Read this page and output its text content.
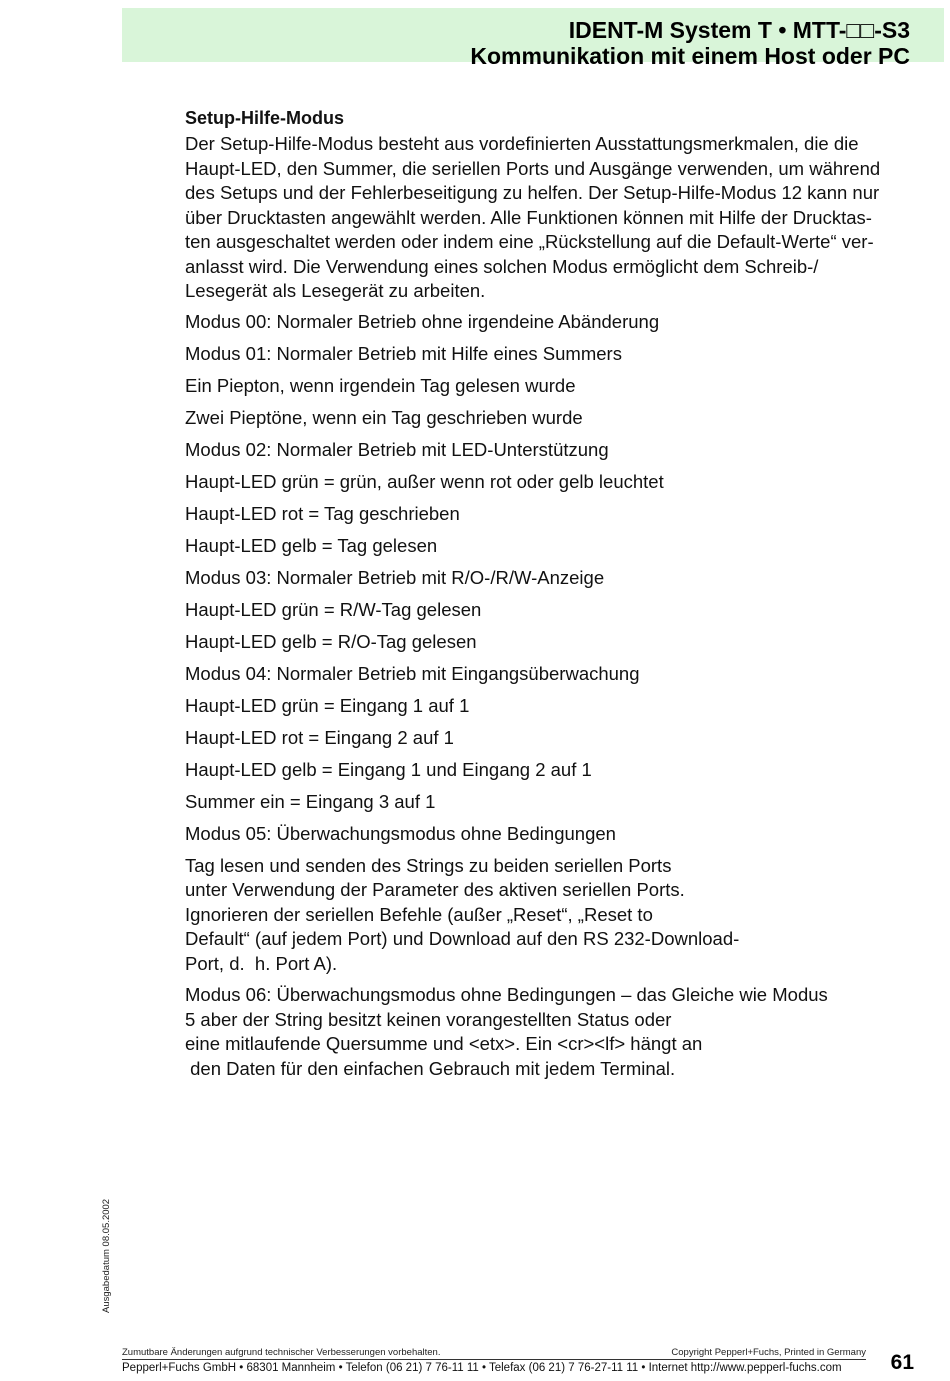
IDENT-M System T • MTT-□□-S3
Kommunikation mit einem Host oder PC
Setup-Hilfe-Modus

Der Setup-Hilfe-Modus besteht aus vordefinierten Ausstattungsmerkmalen, die die

Haupt-LED, den Summer, die seriellen Ports und Ausgänge verwenden, um während

des Setups und der Fehlerbeseitigung zu helfen. Der Setup-Hilfe-Modus 12 kann nur

über Drucktasten angewählt werden. Alle Funktionen können mit Hilfe der Drucktas-

ten ausgeschaltet werden oder indem eine „Rückstellung auf die Default-Werte“ ver-

anlasst wird. Die Verwendung eines solchen Modus ermöglicht dem Schreib-/

Lesegerät als Lesegerät zu arbeiten.

Modus 00: Normaler Betrieb ohne irgendeine Abänderung
Modus 01: Normaler Betrieb mit Hilfe eines Summers
Ein Piepton, wenn irgendein Tag gelesen wurde
Zwei Pieptöne, wenn ein Tag geschrieben wurde
Modus 02: Normaler Betrieb mit LED-Unterstützung
Haupt-LED grün = grün, außer wenn rot oder gelb leuchtet
Haupt-LED rot = Tag geschrieben
Haupt-LED gelb = Tag gelesen
Modus 03: Normaler Betrieb mit R/O-/R/W-Anzeige
Haupt-LED grün = R/W-Tag gelesen
Haupt-LED gelb = R/O-Tag gelesen
Modus 04: Normaler Betrieb mit Eingangsüberwachung
Haupt-LED grün = Eingang 1 auf 1
Haupt-LED rot = Eingang 2 auf 1
Haupt-LED gelb = Eingang 1 und Eingang 2 auf 1
Summer ein = Eingang 3 auf 1
Modus 05: Überwachungsmodus ohne Bedingungen
Tag lesen und senden des Strings zu beiden seriellen Ports
unter Verwendung der Parameter des aktiven seriellen Ports.
Ignorieren der seriellen Befehle (außer „Reset“, „Reset to
Default“ (auf jedem Port) und Download auf den RS 232-Download-
Port, d.  h. Port A).
Modus 06: Überwachungsmodus ohne Bedingungen – das Gleiche wie Modus
5 aber der String besitzt keinen vorangestellten Status oder
eine mitlaufende Quersumme und <etx>. Ein <cr><lf> hängt an
den Daten für den einfachen Gebrauch mit jedem Terminal.
Ausgabedatum 08.05.2002
Zumutbare Änderungen aufgrund technischer Verbesserungen vorbehalten.	Copyright Pepperl+Fuchs, Printed in Germany
Pepperl+Fuchs GmbH • 68301 Mannheim • Telefon (06 21) 7 76-11 11 • Telefax (06 21) 7 76-27-11 11 • Internet http://www.pepperl-fuchs.com 61
